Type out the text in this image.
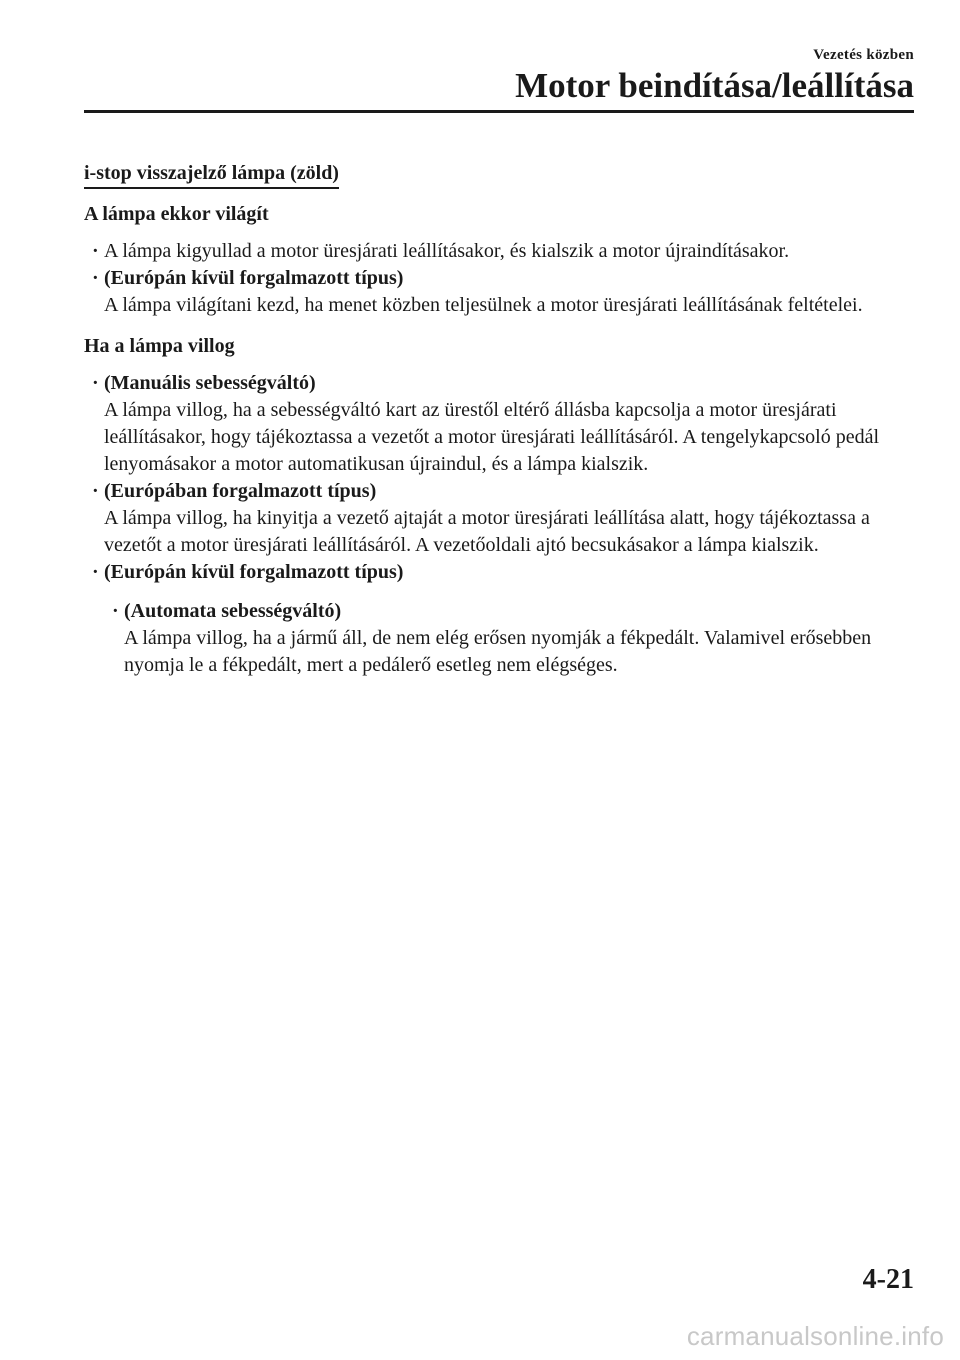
Vezetés közben
Motor beindítása/leállítása
i-stop visszajelző lámpa (zöld)
A lámpa ekkor világít
· A lámpa kigyullad a motor üresjárati leállításakor, és kialszik a motor újraindításakor.
· (Európán kívül forgalmazott típus)
A lámpa világítani kezd, ha menet közben teljesülnek a motor üresjárati leállításának feltételei.
Ha a lámpa villog
· (Manuális sebességváltó)
A lámpa villog, ha a sebességváltó kart az ürestől eltérő állásba kapcsolja a motor üresjárati leállításakor, hogy tájékoztassa a vezetőt a motor üresjárati leállításáról. A tengelykapcsoló pedál lenyomásakor a motor automatikusan újraindul, és a lámpa kialszik.
· (Európában forgalmazott típus)
A lámpa villog, ha kinyitja a vezető ajtaját a motor üresjárati leállítása alatt, hogy tájékoztassa a vezetőt a motor üresjárati leállításáról. A vezetőoldali ajtó becsukásakor a lámpa kialszik.
· (Európán kívül forgalmazott típus)
· (Automata sebességváltó)
A lámpa villog, ha a jármű áll, de nem elég erősen nyomják a fékpedált. Valamivel erősebben nyomja le a fékpedált, mert a pedálerő esetleg nem elégséges.
4-21
carmanualsonline.info
